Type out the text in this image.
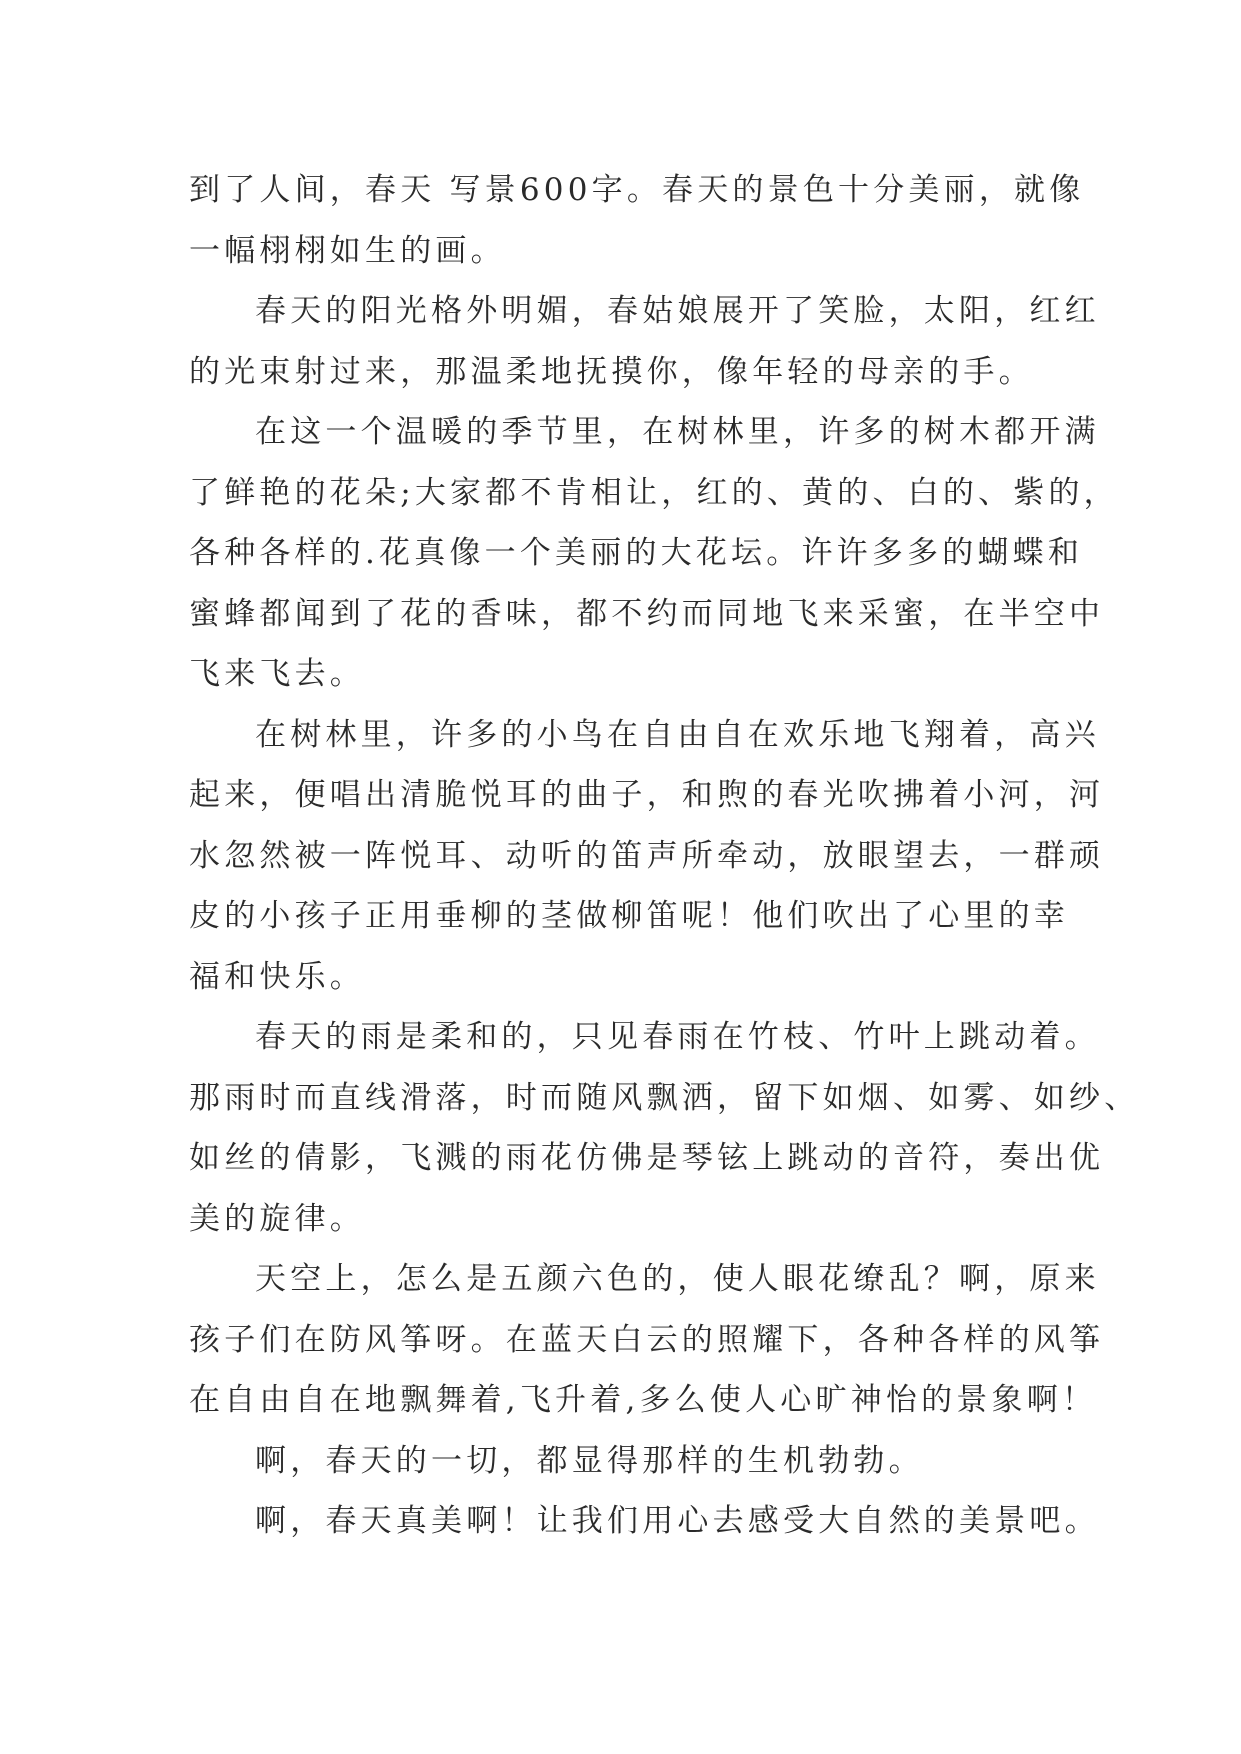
到了人间，春天 写景600字。春天的景色十分美丽，就像
一幅栩栩如生的画。
春天的阳光格外明媚，春姑娘展开了笑脸，太阳，红红
的光束射过来，那温柔地抚摸你，像年轻的母亲的手。
在这一个温暖的季节里，在树林里，许多的树木都开满
了鲜艳的花朵;大家都不肯相让，红的、黄的、白的、紫的，
各种各样的.花真像一个美丽的大花坛。许许多多的蝴蝶和
蜜蜂都闻到了花的香味，都不约而同地飞来采蜜，在半空中
飞来飞去。
在树林里，许多的小鸟在自由自在欢乐地飞翔着，高兴
起来，便唱出清脆悦耳的曲子，和煦的春光吹拂着小河，河
水忽然被一阵悦耳、动听的笛声所牵动，放眼望去，一群顽
皮的小孩子正用垂柳的茎做柳笛呢！他们吹出了心里的幸
福和快乐。
春天的雨是柔和的，只见春雨在竹枝、竹叶上跳动着。
那雨时而直线滑落，时而随风飘洒，留下如烟、如雾、如纱、
如丝的倩影，飞溅的雨花仿佛是琴铉上跳动的音符，奏出优
美的旋律。
天空上，怎么是五颜六色的，使人眼花缭乱？啊，原来
孩子们在防风筝呀。在蓝天白云的照耀下，各种各样的风筝
在自由自在地飘舞着,飞升着,多么使人心旷神怡的景象啊！
啊，春天的一切，都显得那样的生机勃勃。
啊，春天真美啊！让我们用心去感受大自然的美景吧。
